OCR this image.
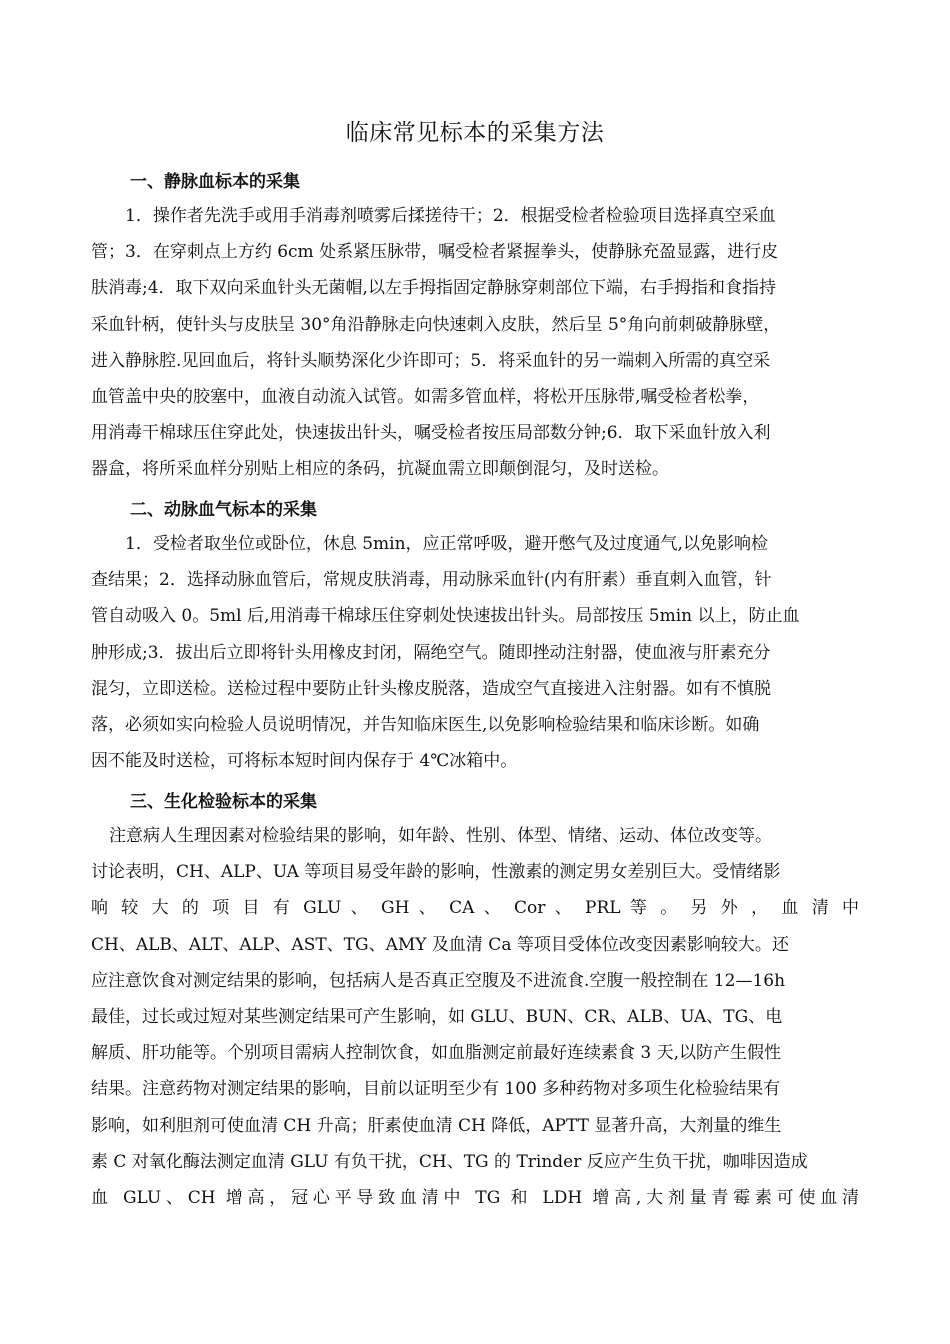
临床常见标本的采集方法
一、静脉血标本的采集
1．操作者先洗手或用手消毒剂喷雾后揉搓待干；2．根据受检者检验项目选择真空采血
管；3．在穿刺点上方约 6cm 处系紧压脉带，嘱受检者紧握拳头，使静脉充盈显露，进行皮
肤消毒;4．取下双向采血针头无菌帽,以左手拇指固定静脉穿刺部位下端，右手拇指和食指持
采血针柄，使针头与皮肤呈 30°角沿静脉走向快速刺入皮肤，然后呈 5°角向前刺破静脉壁，
进入静脉腔.见回血后，将针头顺势深化少许即可；5．将采血针的另一端刺入所需的真空采
血管盖中央的胶塞中，血液自动流入试管。如需多管血样，将松开压脉带,嘱受检者松拳，
用消毒干棉球压住穿此处，快速拔出针头，嘱受检者按压局部数分钟;6．取下采血针放入利
器盒，将所采血样分别贴上相应的条码，抗凝血需立即颠倒混匀，及时送检。
二、动脉血气标本的采集
1．受检者取坐位或卧位，休息 5min，应正常呼吸，避开憋气及过度通气,以免影响检
查结果；2．选择动脉血管后，常规皮肤消毒，用动脉采血针(内有肝素）垂直刺入血管，针
管自动吸入 0。5ml 后,用消毒干棉球压住穿刺处快速拔出针头。局部按压 5min 以上，防止血
肿形成;3．拔出后立即将针头用橡皮封闭，隔绝空气。随即挫动注射器，使血液与肝素充分
混匀，立即送检。送检过程中要防止针头橡皮脱落，造成空气直接进入注射器。如有不慎脱
落，必须如实向检验人员说明情况，并告知临床医生,以免影响检验结果和临床诊断。如确
因不能及时送检，可将标本短时间内保存于 4℃冰箱中。
三、生化检验标本的采集
注意病人生理因素对检验结果的影响，如年龄、性别、体型、情绪、运动、体位改变等。
讨论表明，CH、ALP、UA 等项目易受年龄的影响，性激素的测定男女差别巨大。受情绪影
响 较 大 的 项 目 有 GLU 、 GH 、 CA 、 Cor 、 PRL 等 。 另 外 ， 血 清 中
CH、ALB、ALT、ALP、AST、TG、AMY 及血清 Ca 等项目受体位改变因素影响较大。还
应注意饮食对测定结果的影响，包括病人是否真正空腹及不进流食.空腹一般控制在 12—16h
最佳，过长或过短对某些测定结果可产生影响，如 GLU、BUN、CR、ALB、UA、TG、电
解质、肝功能等。个别项目需病人控制饮食，如血脂测定前最好连续素食 3 天,以防产生假性
结果。注意药物对测定结果的影响，目前以证明至少有 100 多种药物对多项生化检验结果有
影响，如利胆剂可使血清 CH 升高；肝素使血清 CH 降低，APTT 显著升高，大剂量的维生
素 C 对氧化酶法测定血清 GLU 有负干扰，CH、TG 的 Trinder 反应产生负干扰，咖啡因造成
血 GLU、CH 增高，冠心平导致血清中 TG 和 LDH 增高,大剂量青霉素可使血清
